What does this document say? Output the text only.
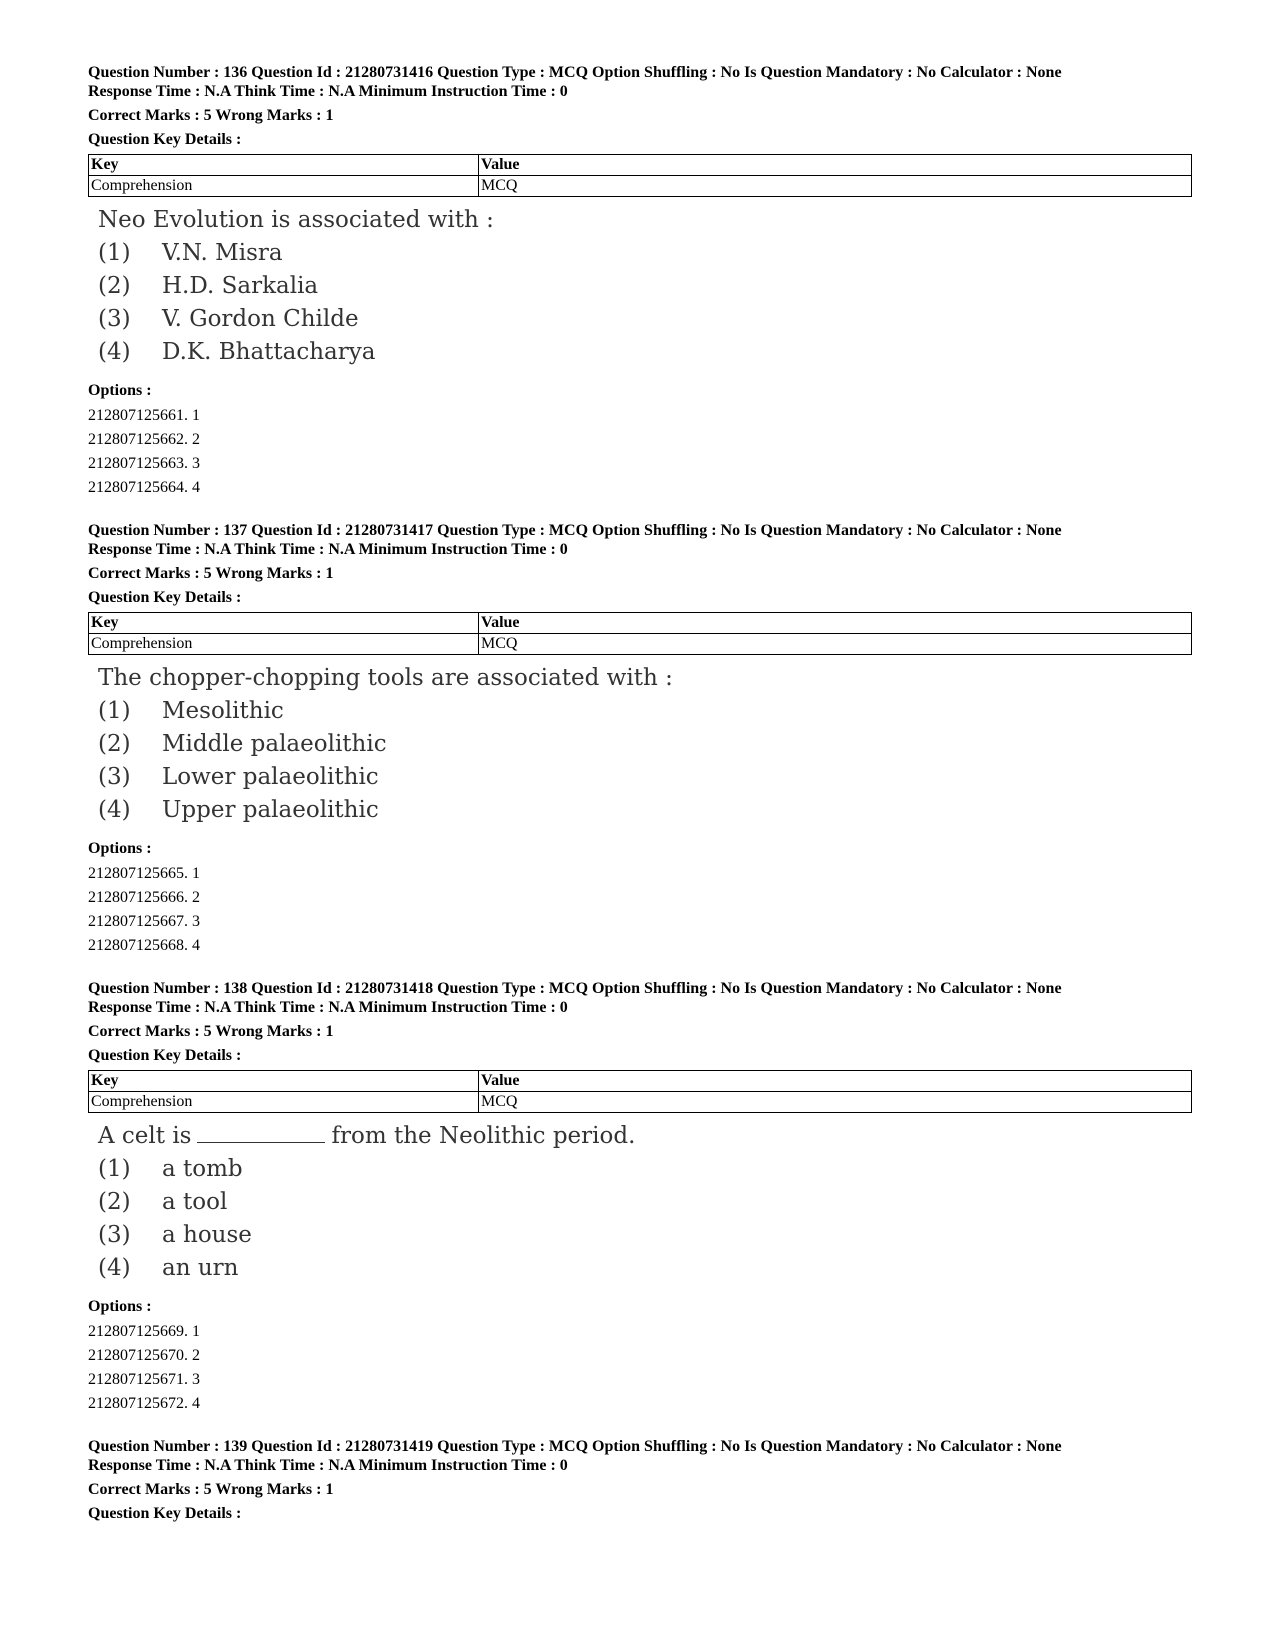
Question Number : 136 Question Id : 21280731416 Question Type : MCQ Option Shuffling : No Is Question Mandatory : No Calculator : None
Response Time : N.A Think Time : N.A Minimum Instruction Time : 0
Correct Marks : 5 Wrong Marks : 1
Question Key Details :
Key	Value
Comprehension	MCQ
Neo Evolution is associated with :
(1) V.N. Misra
(2) H.D. Sarkalia
(3) V. Gordon Childe
(4) D.K. Bhattacharya
Options :
212807125661. 1
212807125662. 2
212807125663. 3
212807125664. 4
Question Number : 137 Question Id : 21280731417 Question Type : MCQ Option Shuffling : No Is Question Mandatory : No Calculator : None
Response Time : N.A Think Time : N.A Minimum Instruction Time : 0
Correct Marks : 5 Wrong Marks : 1
Question Key Details :
Key	Value
Comprehension	MCQ
The chopper-chopping tools are associated with :
(1) Mesolithic
(2) Middle palaeolithic
(3) Lower palaeolithic
(4) Upper palaeolithic
Options :
212807125665. 1
212807125666. 2
212807125667. 3
212807125668. 4
Question Number : 138 Question Id : 21280731418 Question Type : MCQ Option Shuffling : No Is Question Mandatory : No Calculator : None
Response Time : N.A Think Time : N.A Minimum Instruction Time : 0
Correct Marks : 5 Wrong Marks : 1
Question Key Details :
Key	Value
Comprehension	MCQ
A celt is	from the Neolithic period.
(1) a tomb
(2) a tool
(3) a house
(4) an urn
Options :
212807125669. 1
212807125670. 2
212807125671. 3
212807125672. 4
Question Number : 139 Question Id : 21280731419 Question Type : MCQ Option Shuffling : No Is Question Mandatory : No Calculator : None
Response Time : N.A Think Time : N.A Minimum Instruction Time : 0
Correct Marks : 5 Wrong Marks : 1
Question Key Details :
